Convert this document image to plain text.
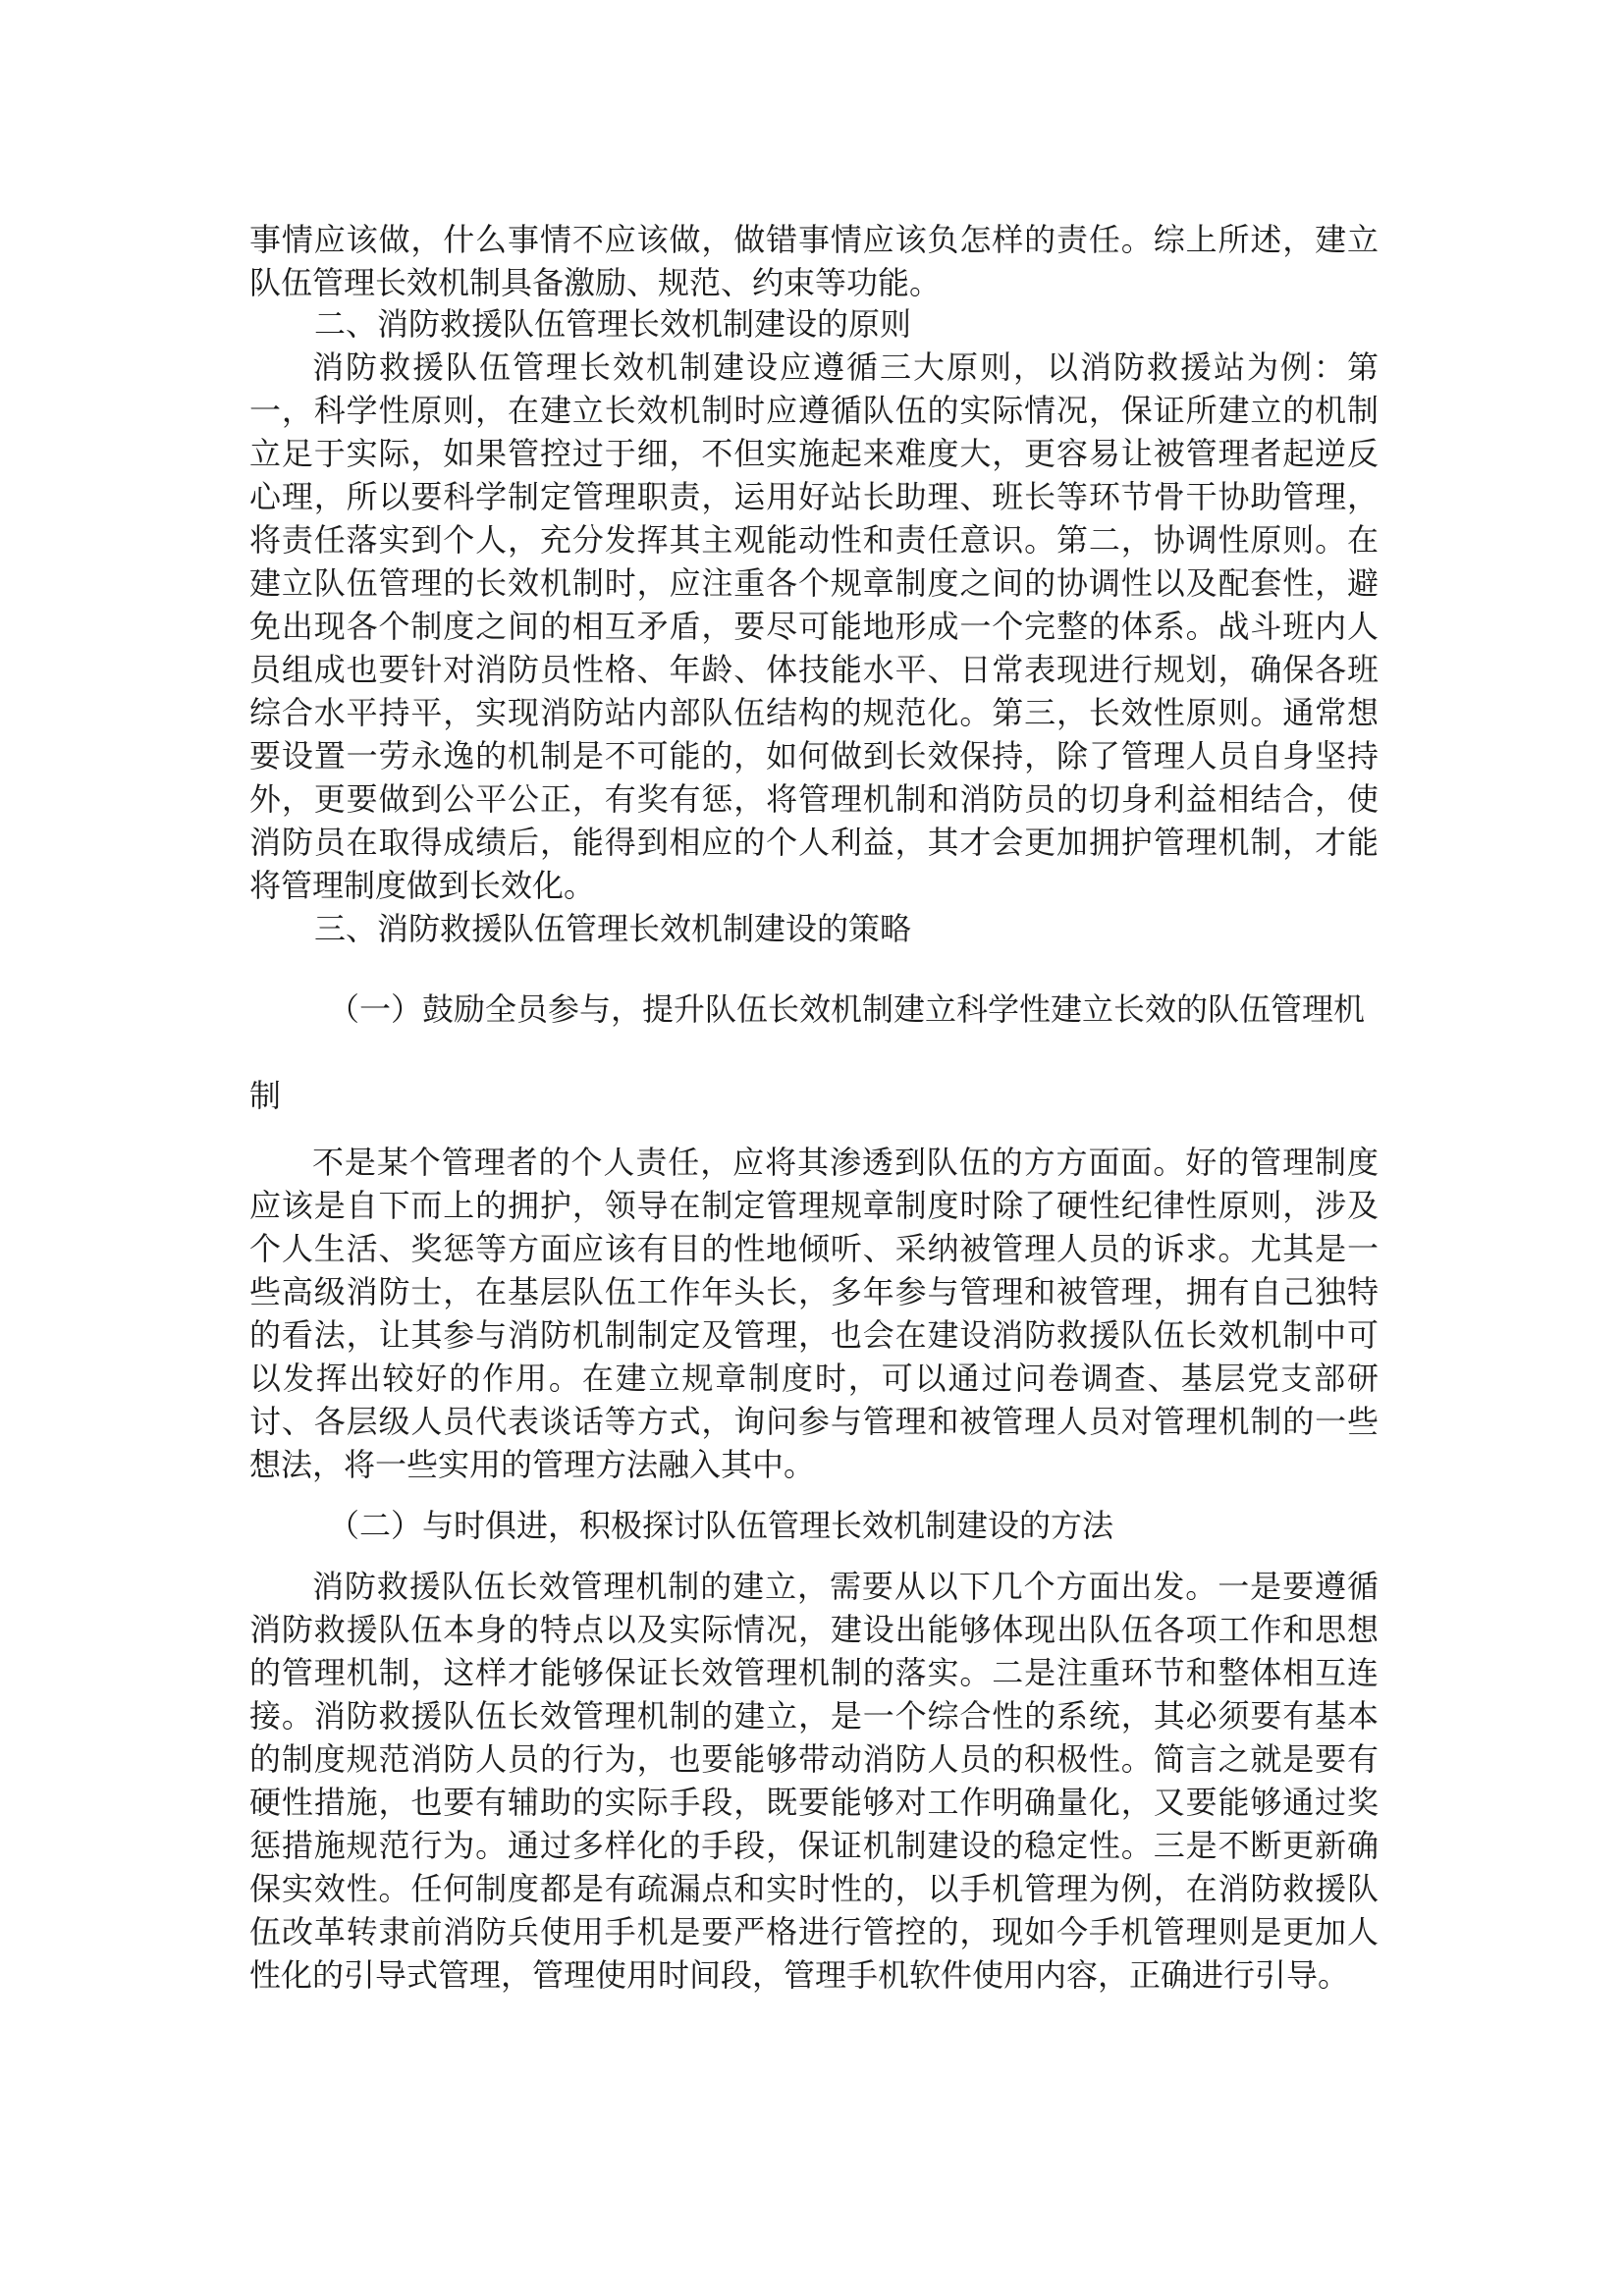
事情应该做，什么事情不应该做，做错事情应该负怎样的责任。综上所述，建立队伍管理长效机制具备激励、规范、约束等功能。
二、消防救援队伍管理长效机制建设的原则
消防救援队伍管理长效机制建设应遵循三大原则，以消防救援站为例：第一，科学性原则，在建立长效机制时应遵循队伍的实际情况，保证所建立的机制立足于实际，如果管控过于细，不但实施起来难度大，更容易让被管理者起逆反心理，所以要科学制定管理职责，运用好站长助理、班长等环节骨干协助管理，将责任落实到个人，充分发挥其主观能动性和责任意识。第二，协调性原则。在建立队伍管理的长效机制时，应注重各个规章制度之间的协调性以及配套性，避免出现各个制度之间的相互矛盾，要尽可能地形成一个完整的体系。战斗班内人员组成也要针对消防员性格、年龄、体技能水平、日常表现进行规划，确保各班综合水平持平，实现消防站内部队伍结构的规范化。第三，长效性原则。通常想要设置一劳永逸的机制是不可能的，如何做到长效保持，除了管理人员自身坚持外，更要做到公平公正，有奖有惩，将管理机制和消防员的切身利益相结合，使消防员在取得成绩后，能得到相应的个人利益，其才会更加拥护管理机制，才能将管理制度做到长效化。
三、消防救援队伍管理长效机制建设的策略
（一）鼓励全员参与，提升队伍长效机制建立科学性建立长效的队伍管理机制
不是某个管理者的个人责任，应将其渗透到队伍的方方面面。好的管理制度应该是自下而上的拥护，领导在制定管理规章制度时除了硬性纪律性原则，涉及个人生活、奖惩等方面应该有目的性地倾听、采纳被管理人员的诉求。尤其是一些高级消防士，在基层队伍工作年头长，多年参与管理和被管理，拥有自己独特的看法，让其参与消防机制制定及管理，也会在建设消防救援队伍长效机制中可以发挥出较好的作用。在建立规章制度时，可以通过问卷调查、基层党支部研讨、各层级人员代表谈话等方式，询问参与管理和被管理人员对管理机制的一些想法，将一些实用的管理方法融入其中。
（二）与时俱进，积极探讨队伍管理长效机制建设的方法
消防救援队伍长效管理机制的建立，需要从以下几个方面出发。一是要遵循消防救援队伍本身的特点以及实际情况，建设出能够体现出队伍各项工作和思想的管理机制，这样才能够保证长效管理机制的落实。二是注重环节和整体相互连接。消防救援队伍长效管理机制的建立，是一个综合性的系统，其必须要有基本的制度规范消防人员的行为，也要能够带动消防人员的积极性。简言之就是要有硬性措施，也要有辅助的实际手段，既要能够对工作明确量化，又要能够通过奖惩措施规范行为。通过多样化的手段，保证机制建设的稳定性。三是不断更新确保实效性。任何制度都是有疏漏点和实时性的，以手机管理为例，在消防救援队伍改革转隶前消防兵使用手机是要严格进行管控的，现如今手机管理则是更加人性化的引导式管理，管理使用时间段，管理手机软件使用内容，正确进行引导。
